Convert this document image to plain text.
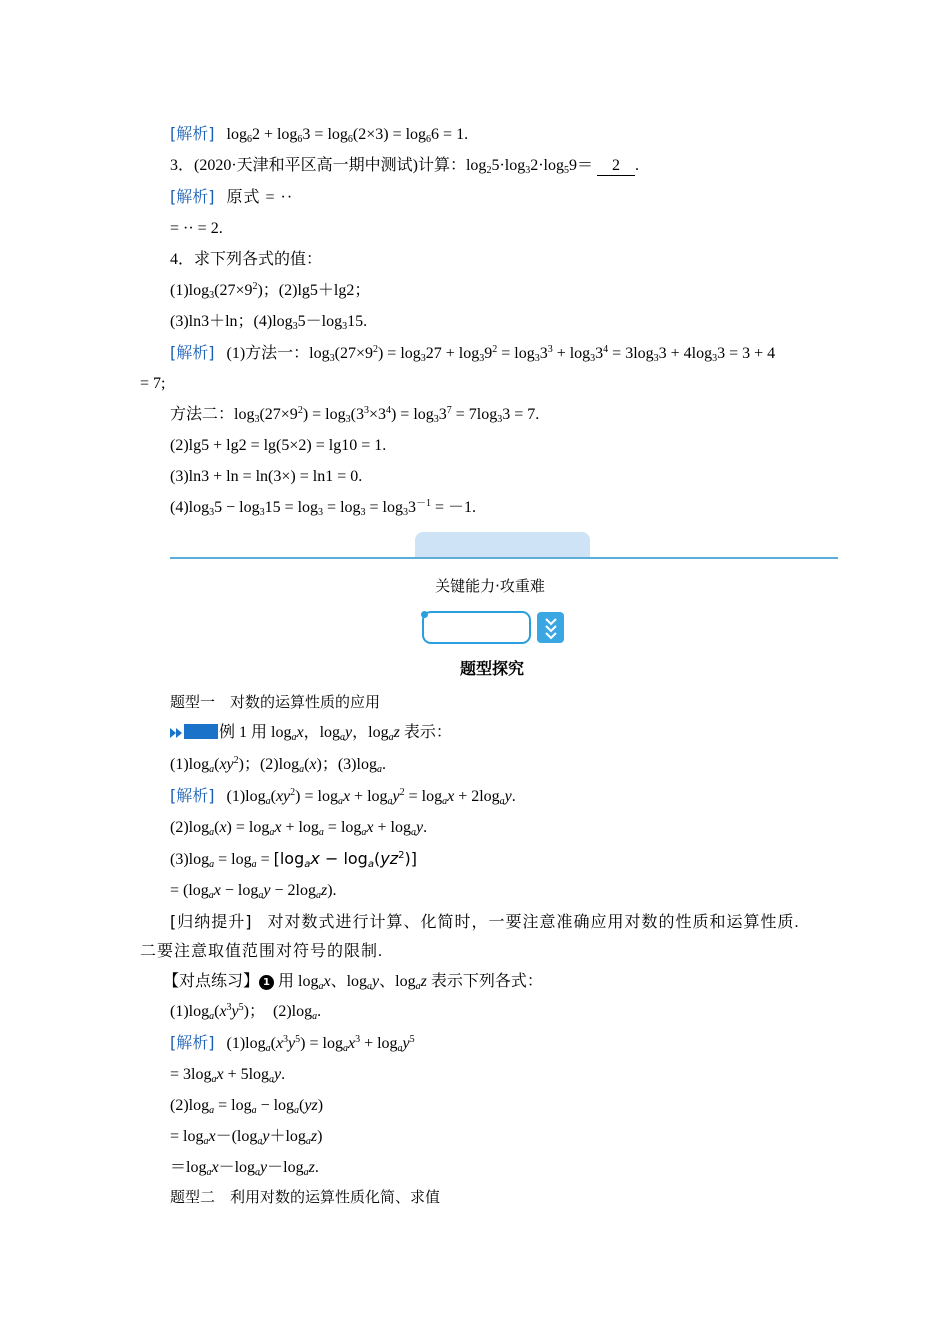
[解析] $\log_62 + \log_63 = \log_6(2\times 3) = \log_66 = 1$.
3．(2020·天津和平区高一期中测试)计算：$\log_25\cdot\log_32\cdot\log_59= 2$ .
[解析] 原式 = ··
= ·· = 2.
4．求下列各式的值：
$(1)\log_3(27\times 9^2)$；(2)lg5＋lg2；
(3)ln3＋ln；$(4)\log_35-\log_315$.
[解析] (1)方法一：$\log_3(27\times 9^2) = \log_327 + \log_39^2 = \log_33^3 + \log_33^4 = 3\log_33 + 4\log_33 = 3 + 4$
= 7;
方法二：$\log_3(27\times 9^2) = \log_3(3^3\times 3^4) = \log_33^7 = 7\log_33 = 7$.
(2)lg5 + lg2 = lg(5×2) = lg10 = 1.
(3)ln3 + ln = ln(3×) = ln1 = 0.
$(4)\log_35 - \log_315 = \log_3 = \log_3 = \log_33^{-1} = -1$.
关键能力·攻重难
题型探究
题型一　对数的运算性质的应用
例 1 用 $\log_ax$，$\log_ay$，$\log_az$ 表示：
$(1)\log_a(xy^2)$；$(2)\log_a(x)$；$(3)\log_a$.
[解析] $(1)\log_a(xy^2) = \log_ax + \log_ay^2 = \log_ax + 2\log_ay$.
$(2)\log_a(x) = \log_ax + \log_a = \log_ax + \log_ay$.
$(3)\log_a = \log_a = [\log_ax - \log_a(yz^2)]$
= $(\log_ax - \log_ay - 2\log_az)$.
[归纳提升] 对对数式进行计算、化简时，一要注意准确应用对数的性质和运算性质.
二要注意取值范围对符号的限制.
【对点练习】 1 用 $\log_ax$、$\log_ay$、$\log_az$ 表示下列各式：
$(1)\log_a(x^3y^5)$；　$(2)\log_a$.
[解析] $(1)\log_a(x^3y^5) = \log_ax^3 + \log_ay^5$
= $3\log_ax + 5\log_ay$.
$(2)\log_a = \log_a - \log_a(yz)$
= $\log_ax-(\log_ay+\log_az)$
$=\log_ax-\log_ay-\log_az$.
题型二　利用对数的运算性质化简、求值
